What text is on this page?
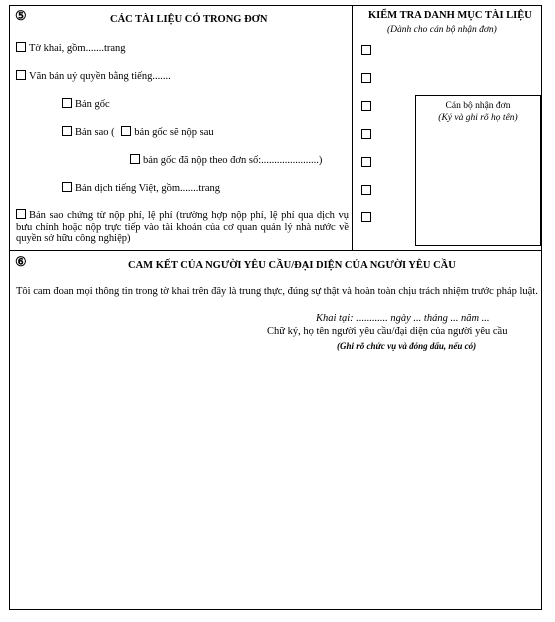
⑤	CÁC TÀI LIỆU CÓ TRONG ĐƠN	KIỂM TRA DANH MỤC TÀI LIỆU
(Dành cho cán bộ nhận đơn)
Tờ khai, gồm.......trang
Văn bản uỷ quyền bằng tiếng.......
Bản gốc
Bản sao ( bản gốc sẽ nộp sau
bản gốc đã nộp theo đơn số:......................)
Bản dịch tiếng Việt, gồm.......trang
Bản sao chứng từ nộp phí, lệ phí (trường hợp nộp phí, lệ phí qua dịch vụ bưu chính hoặc nộp trực tiếp vào tài khoản của cơ quan quản lý nhà nước về quyền sở hữu công nghiệp)
Cán bộ nhận đơn
(Ký và ghi rõ họ tên)
⑥	CAM KẾT CỦA NGƯỜI YÊU CẦU/ĐẠI DIỆN CỦA NGƯỜI YÊU CẦU
Tôi cam đoan mọi thông tin trong tờ khai trên đây là trung thực, đúng sự thật và hoàn toàn chịu trách nhiệm trước pháp luật.
Khai tại: ............ ngày ... tháng ... năm ...
Chữ ký, họ tên người yêu cầu/đại diện của người yêu cầu
(Ghi rõ chức vụ và đóng dấu, nếu có)
